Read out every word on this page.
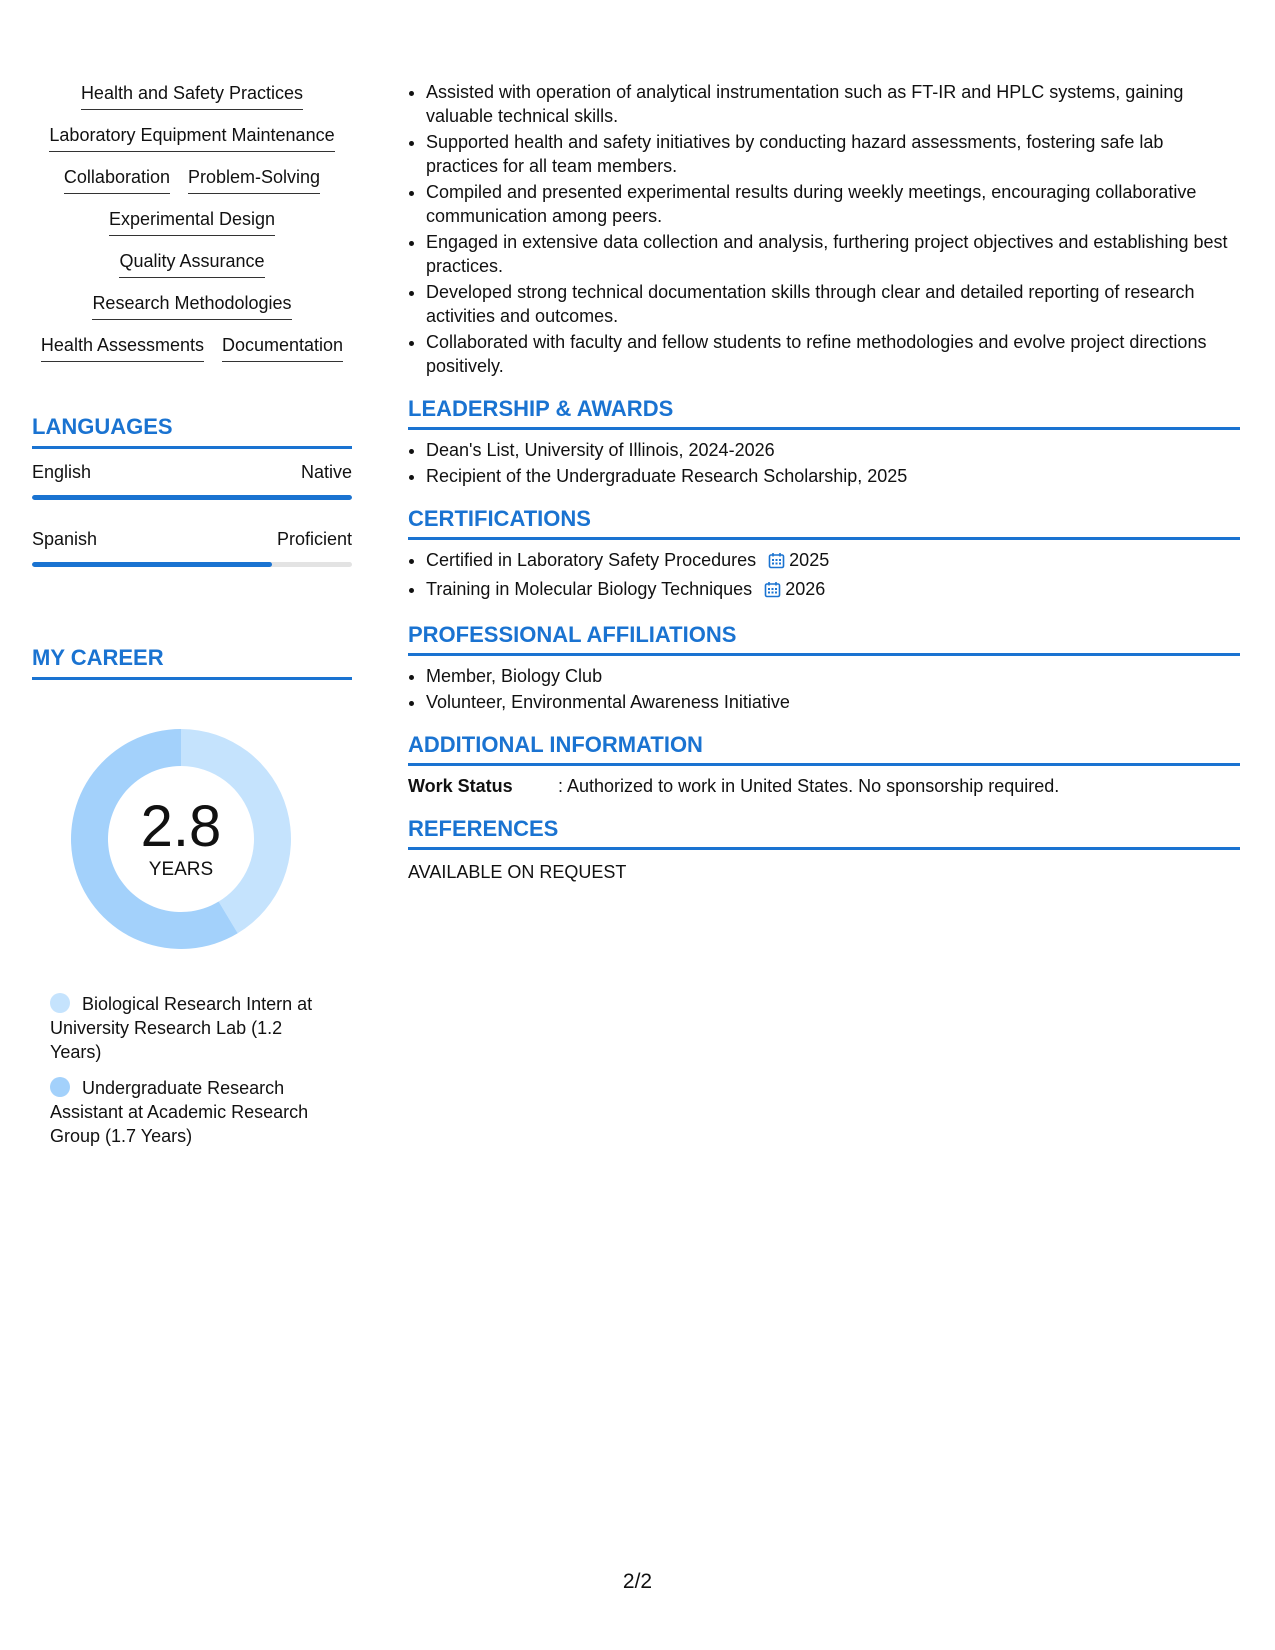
Health and Safety Practices
Laboratory Equipment Maintenance
Collaboration Problem-Solving
Experimental Design
Quality Assurance
Research Methodologies
Health Assessments Documentation
LANGUAGES
English	Native
Spanish	Proficient
MY CAREER
2.8
YEARS
Biological Research Intern at University Research Lab (1.2 Years)
Undergraduate Research Assistant at Academic Research Group (1.7 Years)
• Assisted with operation of analytical instrumentation such as FT-IR and HPLC systems, gaining valuable technical skills.
• Supported health and safety initiatives by conducting hazard assessments, fostering safe lab practices for all team members.
• Compiled and presented experimental results during weekly meetings, encouraging collaborative communication among peers.
• Engaged in extensive data collection and analysis, furthering project objectives and establishing best practices.
• Developed strong technical documentation skills through clear and detailed reporting of research activities and outcomes.
• Collaborated with faculty and fellow students to refine methodologies and evolve project directions positively.
LEADERSHIP & AWARDS
• Dean's List, University of Illinois, 2024-2026
• Recipient of the Undergraduate Research Scholarship, 2025
CERTIFICATIONS
• Certified in Laboratory Safety Procedures 2025
• Training in Molecular Biology Techniques 2026
PROFESSIONAL AFFILIATIONS
• Member, Biology Club
• Volunteer, Environmental Awareness Initiative
ADDITIONAL INFORMATION
Work Status	: Authorized to work in United States. No sponsorship required.
REFERENCES
AVAILABLE ON REQUEST
2/2
